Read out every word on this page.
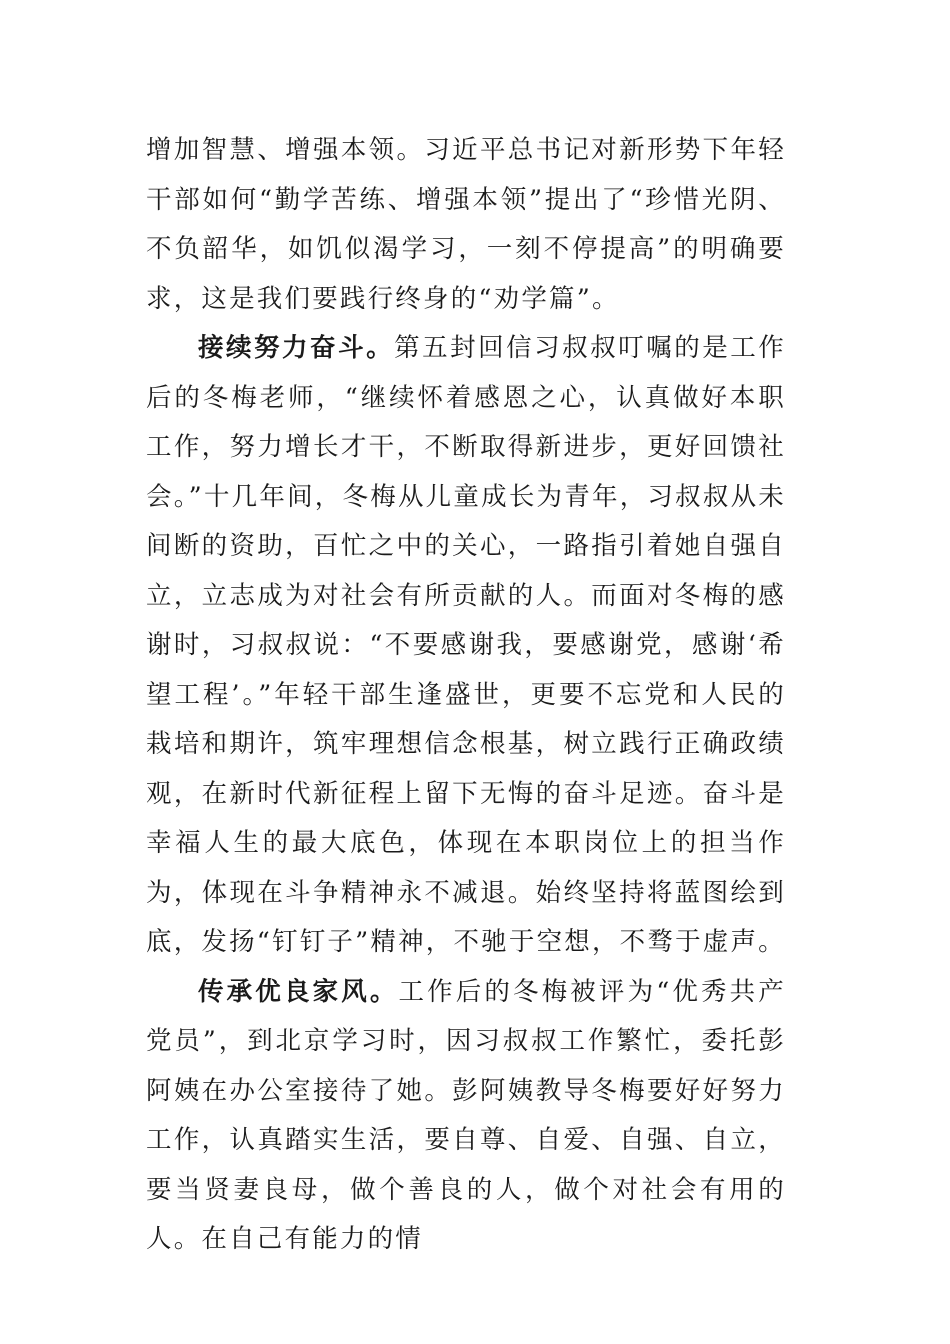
增加智慧、增强本领。习近平总书记对新形势下年轻干部如何“勤学苦练、增强本领”提出了“珍惜光阴、不负韶华，如饥似渴学习，一刻不停提高”的明确要求，这是我们要践行终身的“劝学篇”。

接续努力奋斗。第五封回信习叔叔叮嘱的是工作后的冬梅老师，“继续怀着感恩之心，认真做好本职工作，努力增长才干，不断取得新进步，更好回馈社会。”十几年间，冬梅从儿童成长为青年，习叔叔从未间断的资助，百忙之中的关心，一路指引着她自强自立，立志成为对社会有所贡献的人。而面对冬梅的感谢时，习叔叔说：“不要感谢我，要感谢党，感谢‘希望工程’。”年轻干部生逢盛世，更要不忘党和人民的栽培和期许，筑牢理想信念根基，树立践行正确政绩观，在新时代新征程上留下无悔的奋斗足迹。奋斗是幸福人生的最大底色，体现在本职岗位上的担当作为，体现在斗争精神永不减退。始终坚持将蓝图绘到底，发扬“钉钉子”精神，不驰于空想，不骛于虚声。

传承优良家风。工作后的冬梅被评为“优秀共产党员”，到北京学习时，因习叔叔工作繁忙，委托彭阿姨在办公室接待了她。彭阿姨教导冬梅要好好努力工作，认真踏实生活，要自尊、自爱、自强、自立，要当贤妻良母，做个善良的人，做个对社会有用的人。在自己有能力的情
